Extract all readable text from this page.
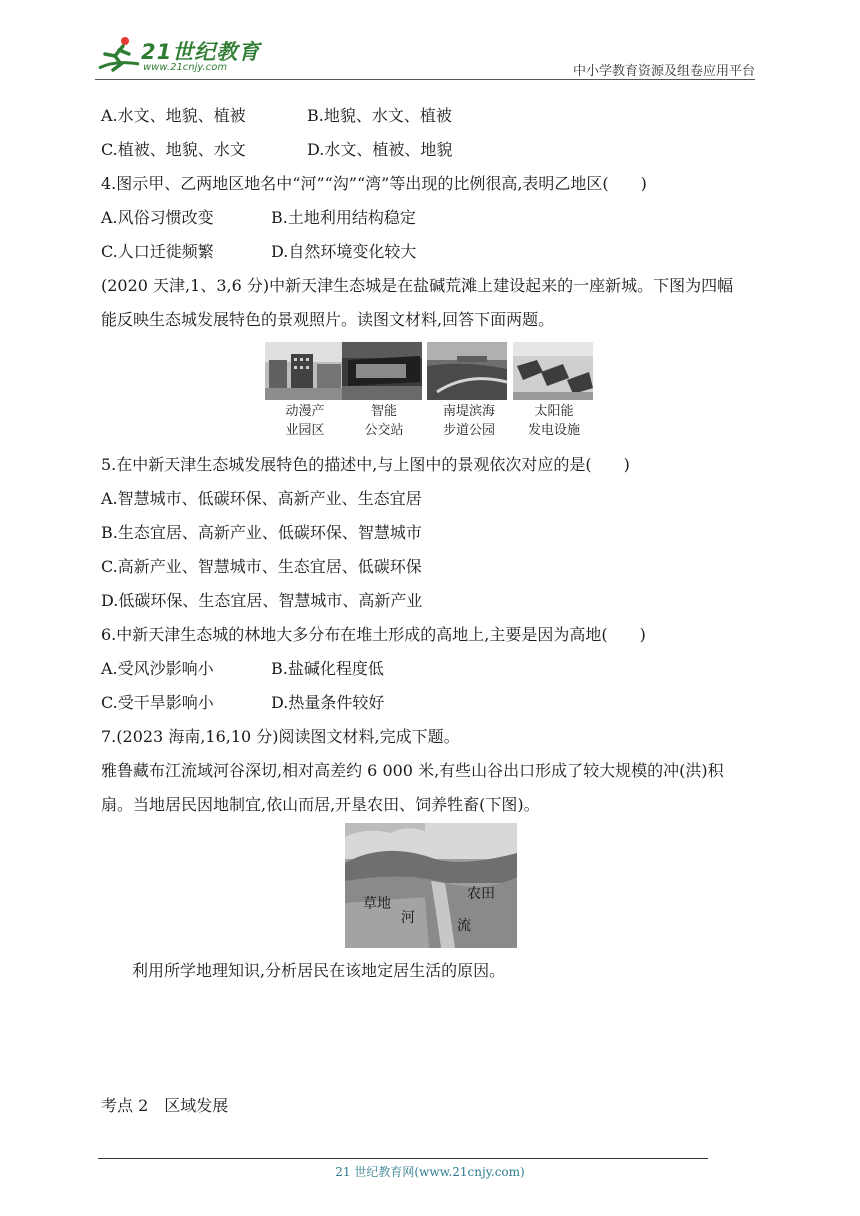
21世纪教育
www.21cnjy.com	中小学教育资源及组卷应用平台
A.水文、地貌、植被	B.地貌、水文、植被
C.植被、地貌、水文	D.水文、植被、地貌
4.图示甲、乙两地区地名中“河”“沟”“湾”等出现的比例很高,表明乙地区(　　)
A.风俗习惯改变	B.土地利用结构稳定
C.人口迁徙频繁	D.自然环境变化较大
(2020 天津,1、3,6 分)中新天津生态城是在盐碱荒滩上建设起来的一座新城。下图为四幅
能反映生态城发展特色的景观照片。读图文材料,回答下面两题。
动漫产
业园区
智能
公交站
南堤滨海
步道公园
太阳能
发电设施
5.在中新天津生态城发展特色的描述中,与上图中的景观依次对应的是(　　)
A.智慧城市、低碳环保、高新产业、生态宜居
B.生态宜居、高新产业、低碳环保、智慧城市
C.高新产业、智慧城市、生态宜居、低碳环保
D.低碳环保、生态宜居、智慧城市、高新产业
6.中新天津生态城的林地大多分布在堆土形成的高地上,主要是因为高地(　　)
A.受风沙影响小	B.盐碱化程度低
C.受干旱影响小	D.热量条件较好
7.(2023 海南,16,10 分)阅读图文材料,完成下题。
雅鲁藏布江流域河谷深切,相对高差约 6 000 米,有些山谷出口形成了较大规模的冲(洪)积
扇。当地居民因地制宜,依山而居,开垦农田、饲养牲畜(下图)。
草地
农田
河	流
利用所学地理知识,分析居民在该地定居生活的原因。
考点 2　区域发展
21 世纪教育网(www.21cnjy.com)
